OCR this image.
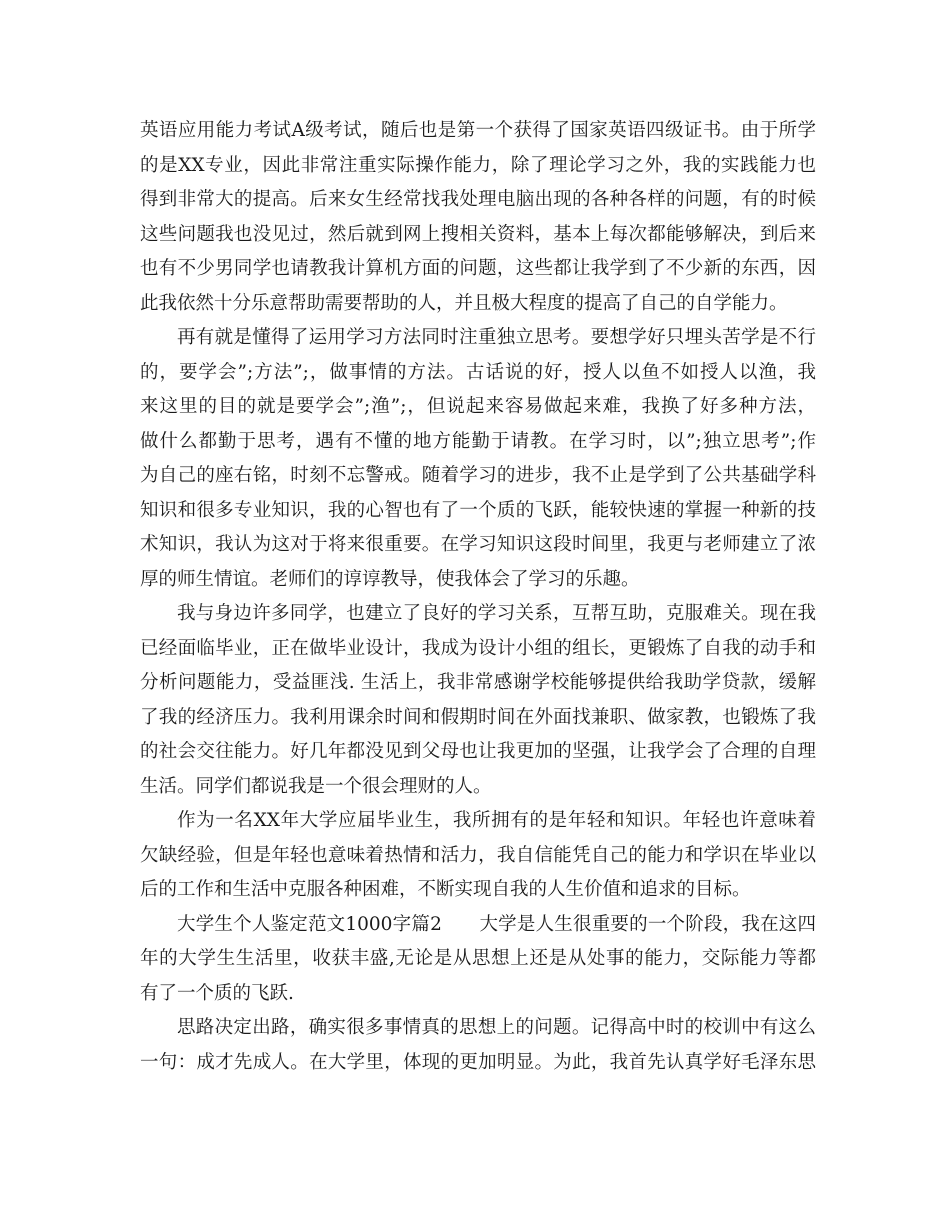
英语应用能力考试A级考试，随后也是第一个获得了国家英语四级证书。由于所学
的是XX专业，因此非常注重实际操作能力，除了理论学习之外，我的实践能力也
得到非常大的提高。后来女生经常找我处理电脑出现的各种各样的问题，有的时候
这些问题我也没见过，然后就到网上搜相关资料，基本上每次都能够解决，到后来
也有不少男同学也请教我计算机方面的问题，这些都让我学到了不少新的东西，因
此我依然十分乐意帮助需要帮助的人，并且极大程度的提高了自己的自学能力。
再有就是懂得了运用学习方法同时注重独立思考。要想学好只埋头苦学是不行
的，要学会”;方法”;，做事情的方法。古话说的好，授人以鱼不如授人以渔，我
来这里的目的就是要学会”;渔”;，但说起来容易做起来难，我换了好多种方法，
做什么都勤于思考，遇有不懂的地方能勤于请教。在学习时，以”;独立思考”;作
为自己的座右铭，时刻不忘警戒。随着学习的进步，我不止是学到了公共基础学科
知识和很多专业知识，我的心智也有了一个质的飞跃，能较快速的掌握一种新的技
术知识，我认为这对于将来很重要。在学习知识这段时间里，我更与老师建立了浓
厚的师生情谊。老师们的谆谆教导，使我体会了学习的乐趣。
我与身边许多同学，也建立了良好的学习关系，互帮互助，克服难关。现在我
已经面临毕业，正在做毕业设计，我成为设计小组的组长，更锻炼了自我的动手和
分析问题能力，受益匪浅. 生活上，我非常感谢学校能够提供给我助学贷款，缓解
了我的经济压力。我利用课余时间和假期时间在外面找兼职、做家教，也锻炼了我
的社会交往能力。好几年都没见到父母也让我更加的坚强，让我学会了合理的自理
生活。同学们都说我是一个很会理财的人。
作为一名XX年大学应届毕业生，我所拥有的是年轻和知识。年轻也许意味着
欠缺经验，但是年轻也意味着热情和活力，我自信能凭自己的能力和学识在毕业以
后的工作和生活中克服各种困难，不断实现自我的人生价值和追求的目标。
大学生个人鉴定范文1000字篇2　　大学是人生很重要的一个阶段，我在这四
年的大学生生活里，收获丰盛,无论是从思想上还是从处事的能力，交际能力等都
有了一个质的飞跃.
思路决定出路，确实很多事情真的思想上的问题。记得高中时的校训中有这么
一句：成才先成人。在大学里，体现的更加明显。为此，我首先认真学好毛泽东思
